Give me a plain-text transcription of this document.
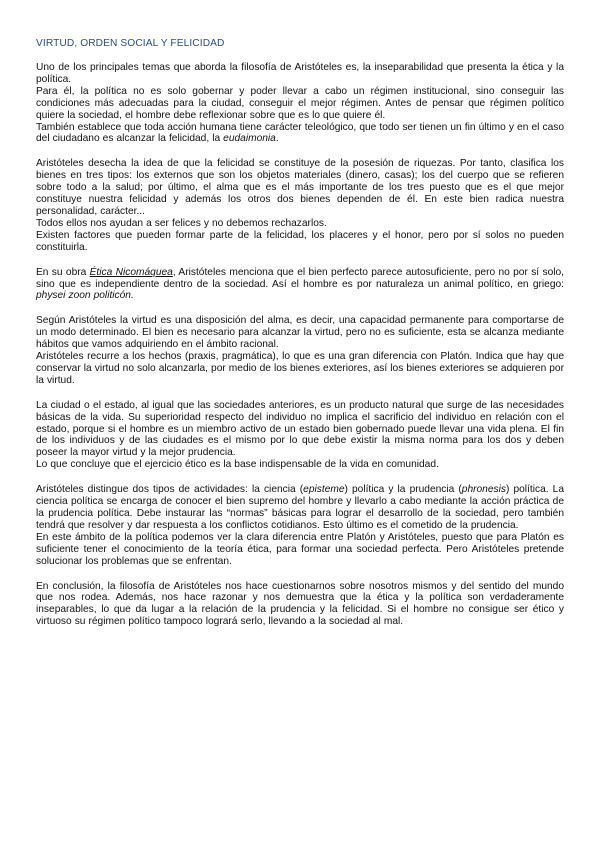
VIRTUD, ORDEN SOCIAL Y FELICIDAD

Uno de los principales temas que aborda la filosofía de Aristóteles es, la inseparabilidad que presenta la ética y la política.
Para él, la política no es solo gobernar y poder llevar a cabo un régimen institucional, sino conseguir las condiciones más adecuadas para la ciudad, conseguir el mejor régimen. Antes de pensar que régimen político quiere la sociedad, el hombre debe reflexionar sobre que es lo que quiere él.
También establece que toda acción humana tiene carácter teleológico, que todo ser tienen un fin último y en el caso del ciudadano es alcanzar la felicidad, la eudaimonia.

Aristóteles desecha la idea de que la felicidad se constituye de la posesión de riquezas. Por tanto, clasifica los bienes en tres tipos: los externos que son los objetos materiales (dinero, casas); los del cuerpo que se refieren sobre todo a la salud; por último, el alma que es el más importante de los tres puesto que es el que mejor constituye nuestra felicidad y además los otros dos bienes dependen de él. En este bien radica nuestra personalidad, carácter...
Todos ellos nos ayudan a ser felices y no debemos rechazarlos.
Existen factores que pueden formar parte de la felicidad, los placeres y el honor, pero por sí solos no pueden constituirla.

En su obra Ética Nicomáquea, Aristóteles menciona que el bien perfecto parece autosuficiente, pero no por sí solo, sino que es independiente dentro de la sociedad. Así el hombre es por naturaleza un animal político, en griego: physei zoon politicón.

Según Aristóteles la virtud es una disposición del alma, es decir, una capacidad permanente para comportarse de un modo determinado. El bien es necesario para alcanzar la virtud, pero no es suficiente, esta se alcanza mediante hábitos que vamos adquiriendo en el ámbito racional.
Aristóteles recurre a los hechos (praxis, pragmática), lo que es una gran diferencia con Platón. Indica que hay que conservar la virtud no solo alcanzarla, por medio de los bienes exteriores, así los bienes exteriores se adquieren por la virtud.

La ciudad o el estado, al igual que las sociedades anteriores, es un producto natural que surge de las necesidades básicas de la vida. Su superioridad respecto del individuo no implica el sacrificio del individuo en relación con el estado, porque si el hombre es un miembro activo de un estado bien gobernado puede llevar una vida plena. El fin de los individuos y de las ciudades es el mismo por lo que debe existir la misma norma para los dos y deben poseer la mayor virtud y la mejor prudencia.
Lo que concluye que el ejercicio ético es la base indispensable de la vida en comunidad.

Aristóteles distingue dos tipos de actividades: la ciencia (episteme) política y la prudencia (phronesis) política. La ciencia política se encarga de conocer el bien supremo del hombre y llevarlo a cabo mediante la acción práctica de la prudencia política. Debe instaurar las “normas” básicas para lograr el desarrollo de la sociedad, pero también tendrá que resolver y dar respuesta a los conflictos cotidianos. Esto último es el cometido de la prudencia.
En este ámbito de la política podemos ver la clara diferencia entre Platón y Aristóteles, puesto que para Platón es suficiente tener el conocimiento de la teoría ética, para formar una sociedad perfecta. Pero Aristóteles pretende solucionar los problemas que se enfrentan.

En conclusión, la filosofía de Aristóteles nos hace cuestionarnos sobre nosotros mismos y del sentido del mundo que nos rodea. Además, nos hace razonar y nos demuestra que la ética y la política son verdaderamente inseparables, lo que da lugar a la relación de la prudencia y la felicidad. Si el hombre no consigue ser ético y virtuoso su régimen político tampoco logrará serlo, llevando a la sociedad al mal.
